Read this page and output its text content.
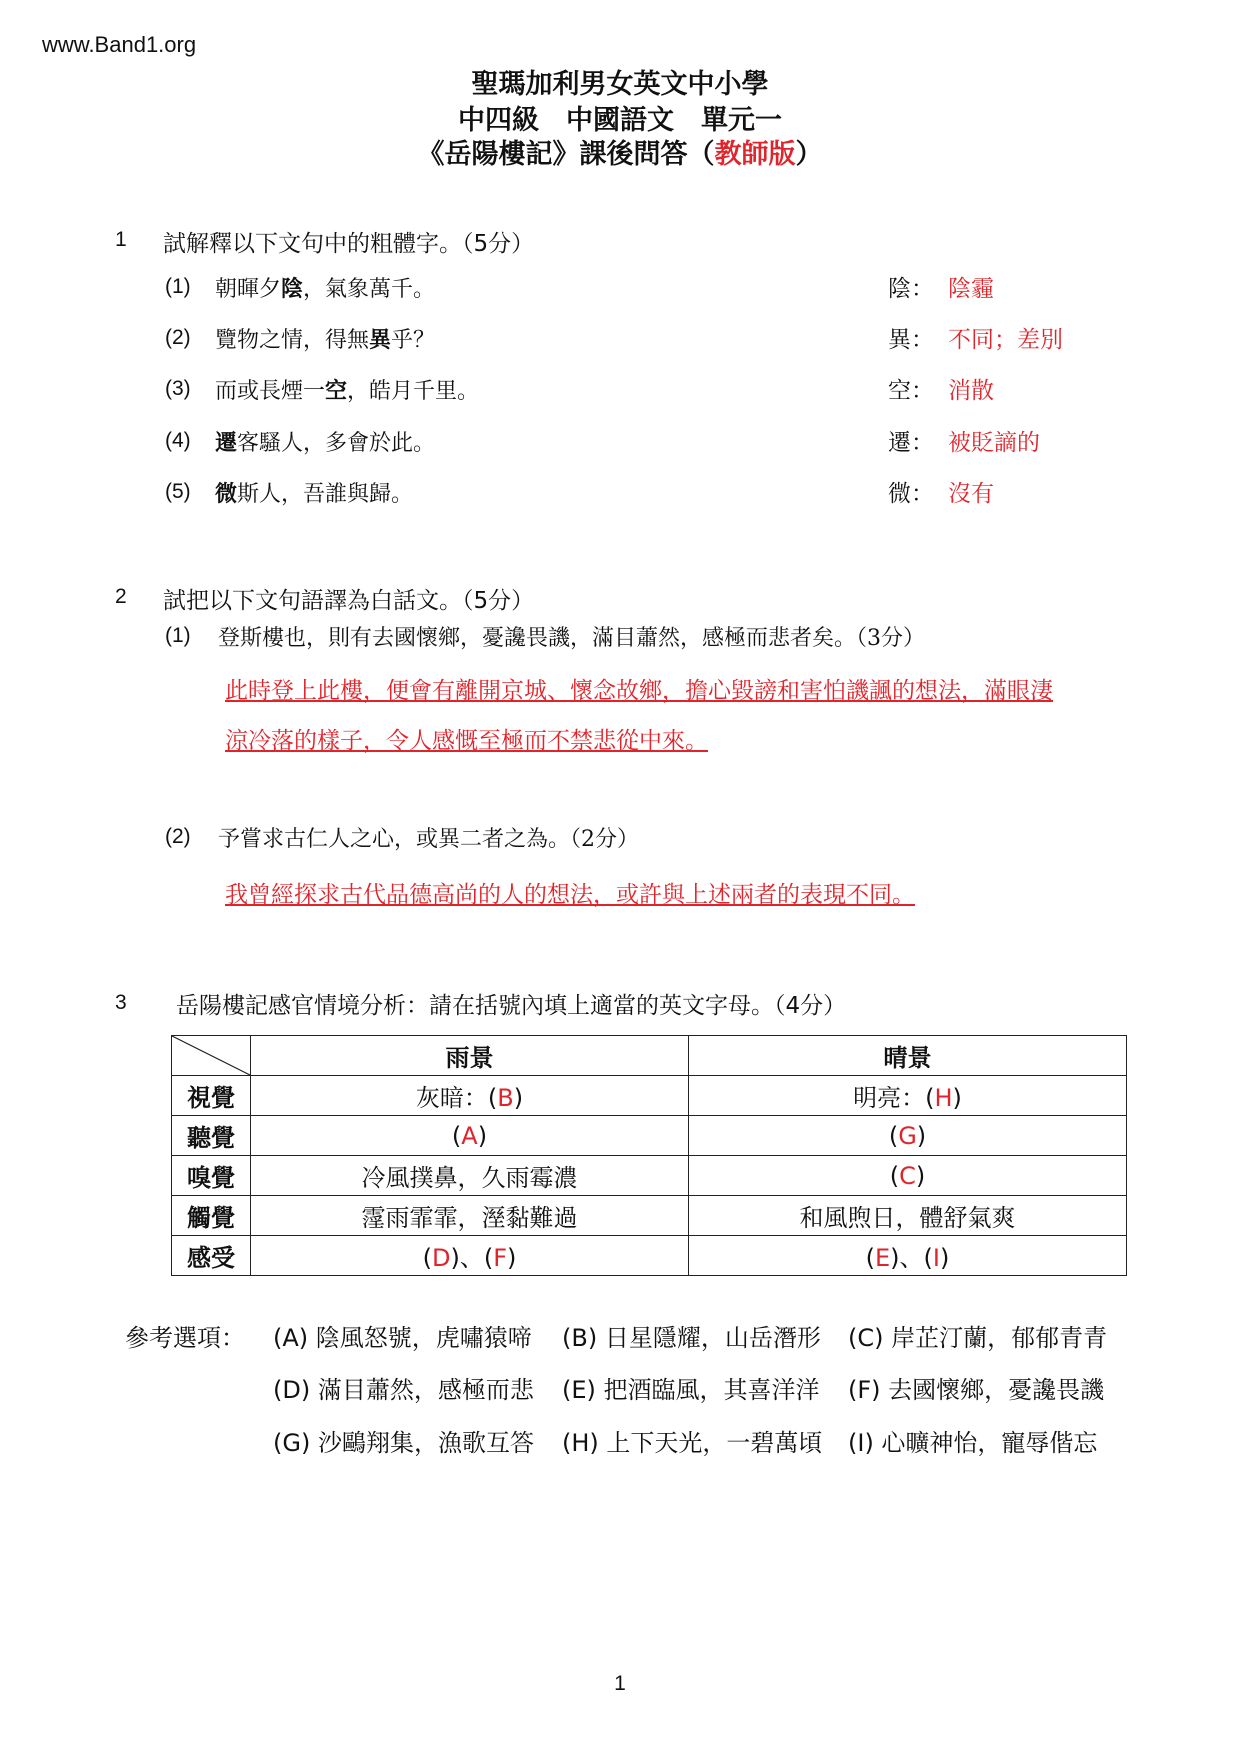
www.Band1.org
聖瑪加利男女英文中小學
中四級　中國語文　單元一
《岳陽樓記》課後問答（教師版）
1 試解釋以下文句中的粗體字。（5分）
(1) 朝暉夕陰，氣象萬千。	陰： 陰霾
(2) 覽物之情，得無異乎？	異： 不同；差別
(3) 而或長煙一空，皓月千里。	空： 消散
(4) 遷客騷人，多會於此。	遷： 被貶謫的
(5) 微斯人，吾誰與歸。	微： 沒有
2 試把以下文句語譯為白話文。（5分）
(1) 登斯樓也，則有去國懷鄉，憂讒畏譏，滿目蕭然，感極而悲者矣。（3分）
此時登上此樓，便會有離開京城、懷念故鄉，擔心毀謗和害怕譏諷的想法，滿眼淒
涼冷落的樣子，令人感慨至極而不禁悲從中來。
(2) 予嘗求古仁人之心，或異二者之為。（2分）
我曾經探求古代品德高尚的人的想法，或許與上述兩者的表現不同。
3 岳陽樓記感官情境分析：請在括號內填上適當的英文字母。（4分）
	雨景	晴景
視覺	灰暗：(B)	明亮：(H)
聽覺	(A)	(G)
嗅覺	冷風撲鼻，久雨霉濃	(C)
觸覺	霪雨霏霏，溼黏難過	和風煦日，體舒氣爽
感受	(D)、(F)	(E)、(I)
參考選項： (A) 陰風怒號，虎嘯猿啼 (B) 日星隱耀，山岳潛形 (C) 岸芷汀蘭，郁郁青青
(D) 滿目蕭然，感極而悲 (E) 把酒臨風，其喜洋洋 (F) 去國懷鄉，憂讒畏譏
(G) 沙鷗翔集，漁歌互答 (H) 上下天光，一碧萬頃 (I) 心曠神怡，寵辱偕忘
1
